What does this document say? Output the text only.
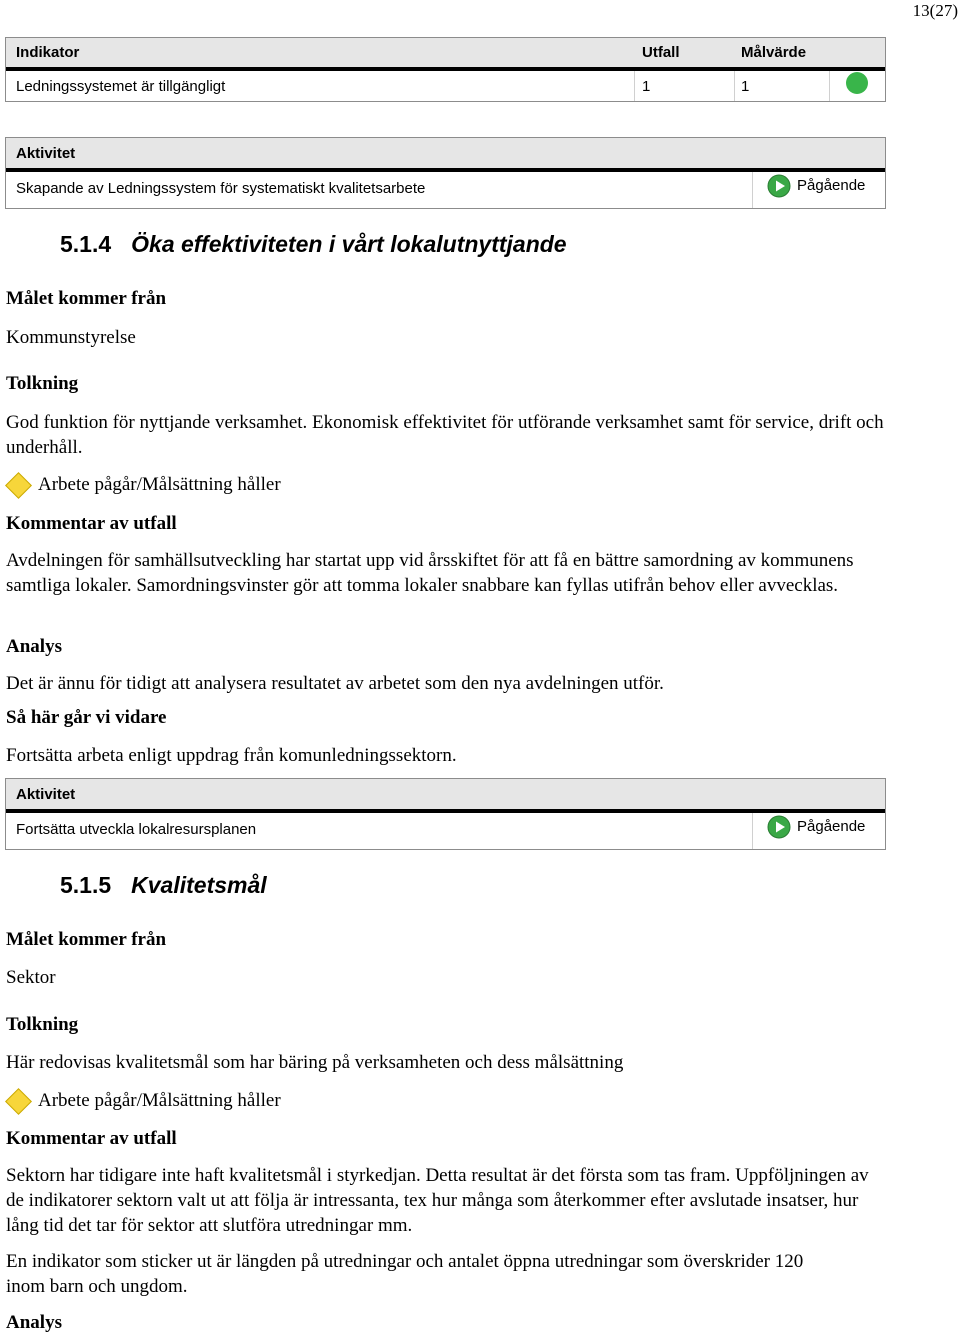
13(27)
Indikator	Utfall	Målvärde
Ledningssystemet är tillgängligt	1	1
Aktivitet
Skapande av Ledningssystem för systematiskt kvalitetsarbete	Pågående
5.1.4 Öka effektiviteten i vårt lokalutnyttjande
Målet kommer från
Kommunstyrelse
Tolkning
God funktion för nyttjande verksamhet. Ekonomisk effektivitet för utförande verksamhet samt för service, drift och underhåll.
Arbete pågår/Målsättning håller
Kommentar av utfall
Avdelningen för samhällsutveckling har startat upp vid årsskiftet för att få en bättre samordning av kommunens samtliga lokaler. Samordningsvinster gör att tomma lokaler snabbare kan fyllas utifrån behov eller avvecklas.
Analys
Det är ännu för tidigt att analysera resultatet av arbetet som den nya avdelningen utför.
Så här går vi vidare
Fortsätta arbeta enligt uppdrag från komunledningssektorn.
Aktivitet
Fortsätta utveckla lokalresursplanen	Pågående
5.1.5 Kvalitetsmål
Målet kommer från
Sektor
Tolkning
Här redovisas kvalitetsmål som har bäring på verksamheten och dess målsättning
Arbete pågår/Målsättning håller
Kommentar av utfall
Sektorn har tidigare inte haft kvalitetsmål i styrkedjan. Detta resultat är det första som tas fram. Uppföljningen av de indikatorer sektorn valt ut att följa är intressanta, tex hur många som återkommer efter avslutade insatser, hur lång tid det tar för sektor att slutföra utredningar mm.
En indikator som sticker ut är längden på utredningar och antalet öppna utredningar som överskrider 120 inom barn och ungdom.
Analys
